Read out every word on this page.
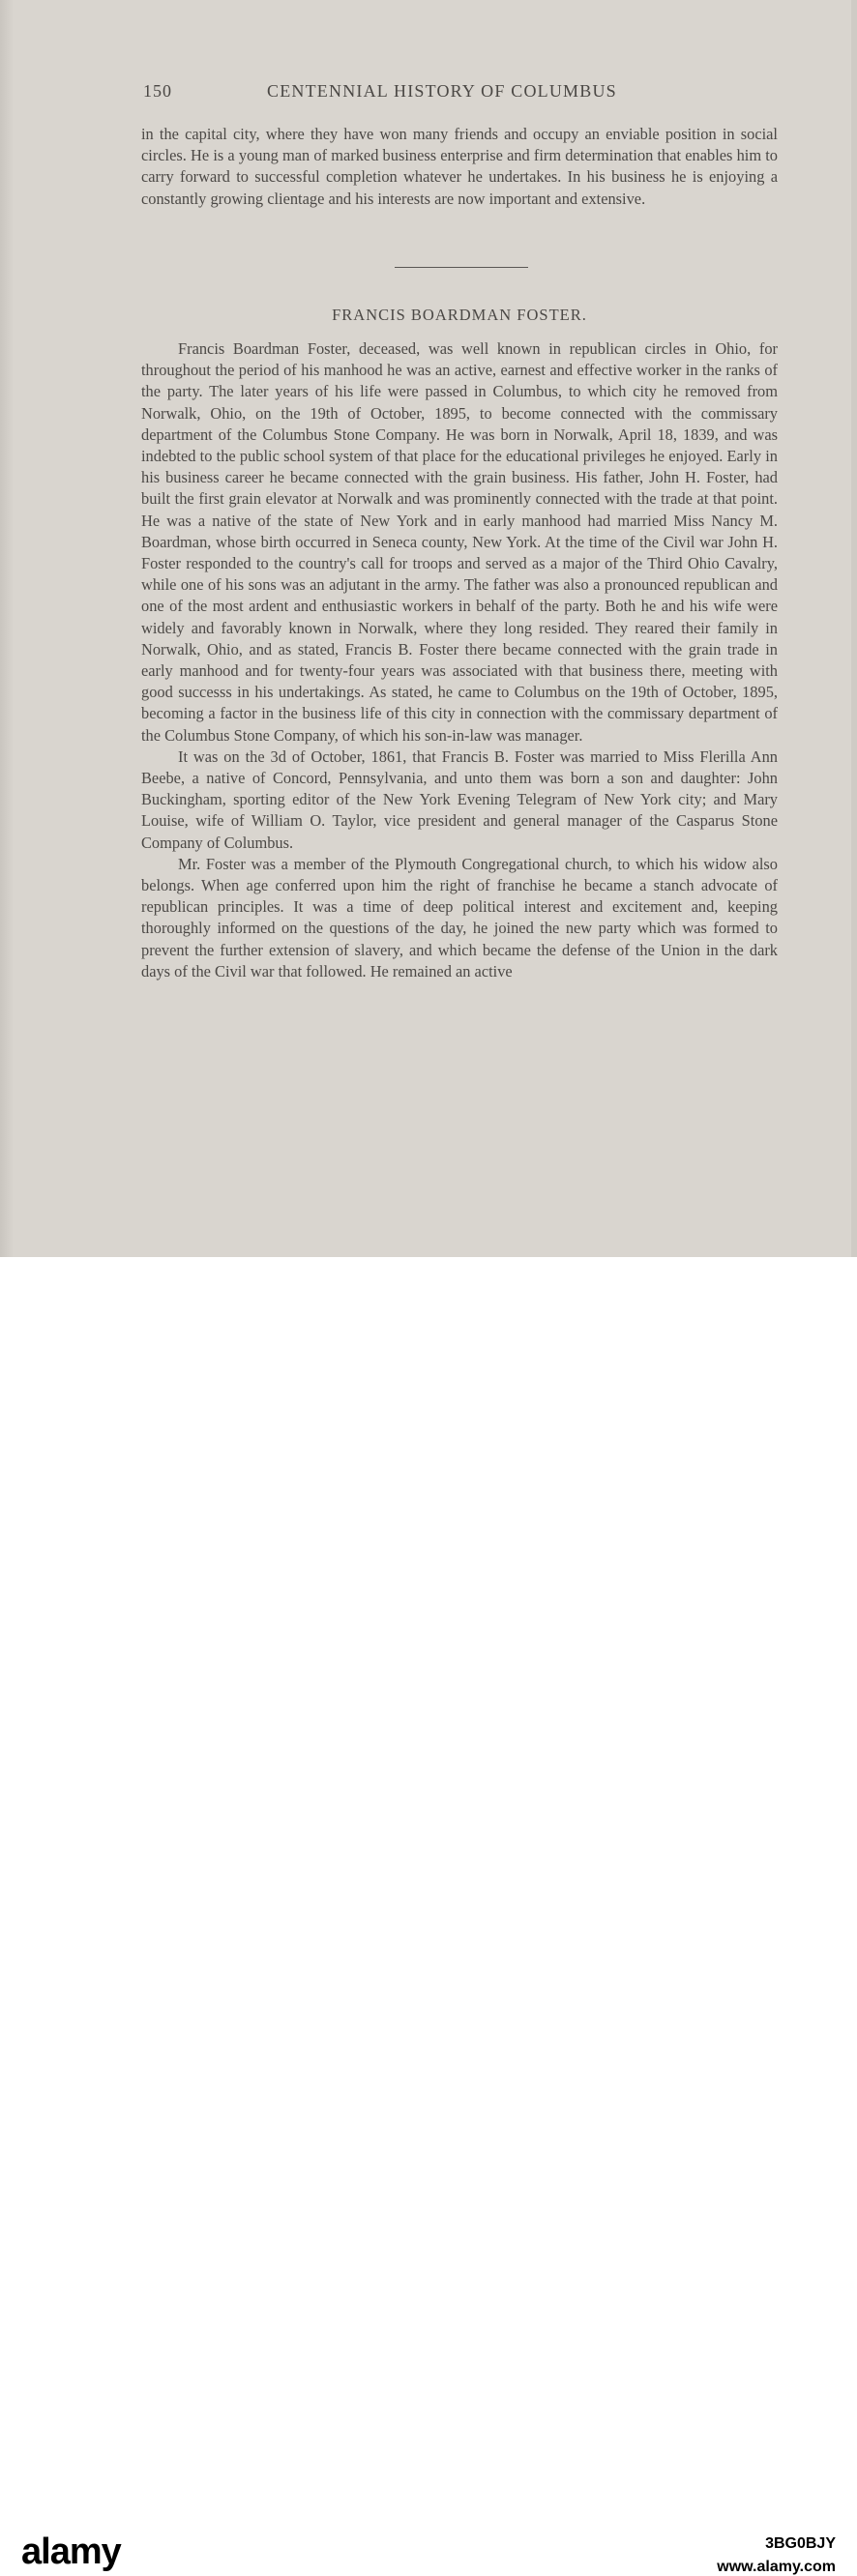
150	CENTENNIAL HISTORY OF COLUMBUS

in the capital city, where they have won many friends and occupy an enviable position in social circles. He is a young man of marked business enterprise and firm determination that enables him to carry forward to successful completion whatever he undertakes. In his business he is enjoying a constantly growing clientage and his interests are now important and extensive.

FRANCIS BOARDMAN FOSTER.

Francis Boardman Foster, deceased, was well known in republican circles in Ohio, for throughout the period of his manhood he was an active, earnest and effective worker in the ranks of the party. The later years of his life were passed in Columbus, to which city he removed from Norwalk, Ohio, on the 19th of October, 1895, to become connected with the commissary department of the Columbus Stone Company. He was born in Norwalk, April 18, 1839, and was indebted to the public school system of that place for the educational privileges he enjoyed. Early in his business career he became connected with the grain business. His father, John H. Foster, had built the first grain elevator at Norwalk and was prominently connected with the trade at that point. He was a native of the state of New York and in early manhood had married Miss Nancy M. Boardman, whose birth occurred in Seneca county, New York. At the time of the Civil war John H. Foster responded to the country's call for troops and served as a major of the Third Ohio Cavalry, while one of his sons was an adjutant in the army. The father was also a pronounced republican and one of the most ardent and enthusiastic workers in behalf of the party. Both he and his wife were widely and favorably known in Norwalk, where they long resided. They reared their family in Norwalk, Ohio, and as stated, Francis B. Foster there became connected with the grain trade in early manhood and for twenty-four years was associated with that business there, meeting with good successs in his undertakings. As stated, he came to Columbus on the 19th of October, 1895, becoming a factor in the business life of this city in connection with the commissary department of the Columbus Stone Company, of which his son-in-law was manager.

It was on the 3d of October, 1861, that Francis B. Foster was married to Miss Flerilla Ann Beebe, a native of Concord, Pennsylvania, and unto them was born a son and daughter: John Buckingham, sporting editor of the New York Evening Telegram of New York city; and Mary Louise, wife of William O. Taylor, vice president and general manager of the Casparus Stone Company of Columbus.

Mr. Foster was a member of the Plymouth Congregational church, to which his widow also belongs. When age conferred upon him the right of franchise he became a stanch advocate of republican principles. It was a time of deep political interest and excitement and, keeping thoroughly informed on the questions of the day, he joined the new party which was formed to prevent the further extension of slavery, and which became the defense of the Union in the dark days of the Civil war that followed. He remained an active

alamy	3BG0BJY
www.alamy.com
